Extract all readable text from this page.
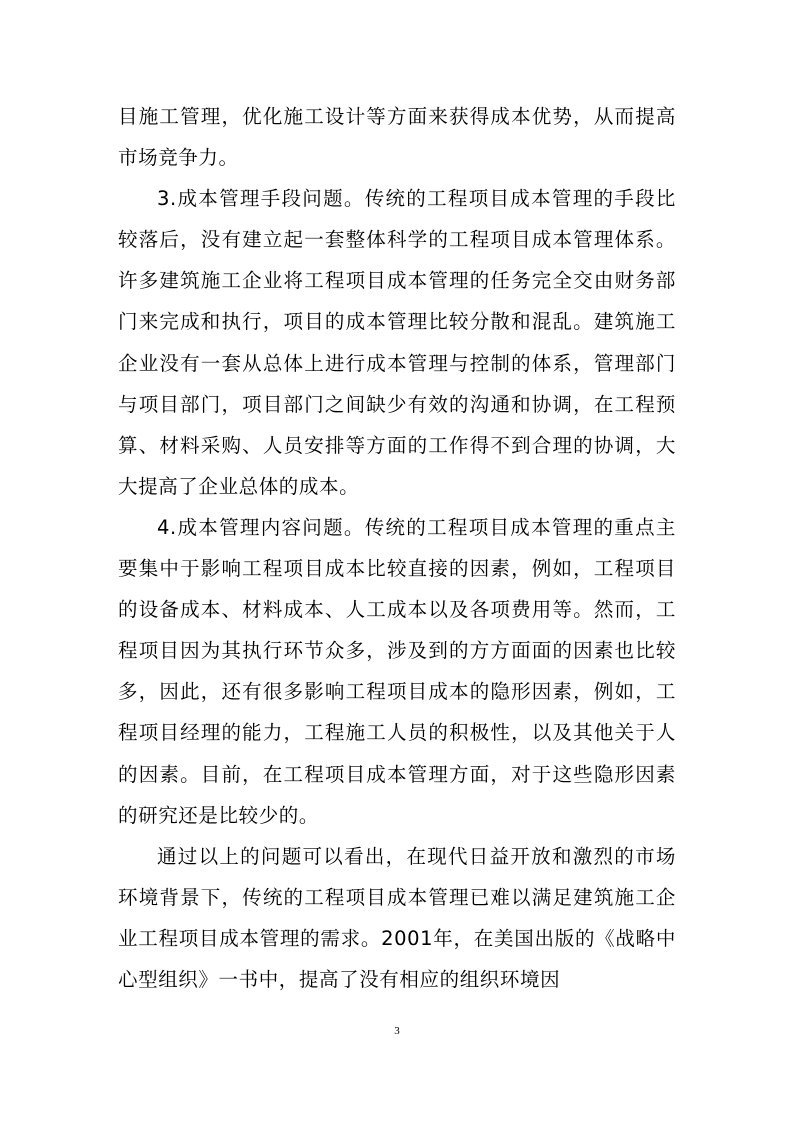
目施工管理，优化施工设计等方面来获得成本优势，从而提高市场竞争力。

3.成本管理手段问题。传统的工程项目成本管理的手段比较落后，没有建立起一套整体科学的工程项目成本管理体系。许多建筑施工企业将工程项目成本管理的任务完全交由财务部门来完成和执行，项目的成本管理比较分散和混乱。建筑施工企业没有一套从总体上进行成本管理与控制的体系，管理部门与项目部门，项目部门之间缺少有效的沟通和协调，在工程预算、材料采购、人员安排等方面的工作得不到合理的协调，大大提高了企业总体的成本。

4.成本管理内容问题。传统的工程项目成本管理的重点主要集中于影响工程项目成本比较直接的因素，例如，工程项目的设备成本、材料成本、人工成本以及各项费用等。然而，工程项目因为其执行环节众多，涉及到的方方面面的因素也比较多，因此，还有很多影响工程项目成本的隐形因素，例如，工程项目经理的能力，工程施工人员的积极性，以及其他关于人的因素。目前，在工程项目成本管理方面，对于这些隐形因素的研究还是比较少的。

通过以上的问题可以看出，在现代日益开放和激烈的市场环境背景下，传统的工程项目成本管理已难以满足建筑施工企业工程项目成本管理的需求。2001年，在美国出版的《战略中心型组织》一书中，提高了没有相应的组织环境因

3
